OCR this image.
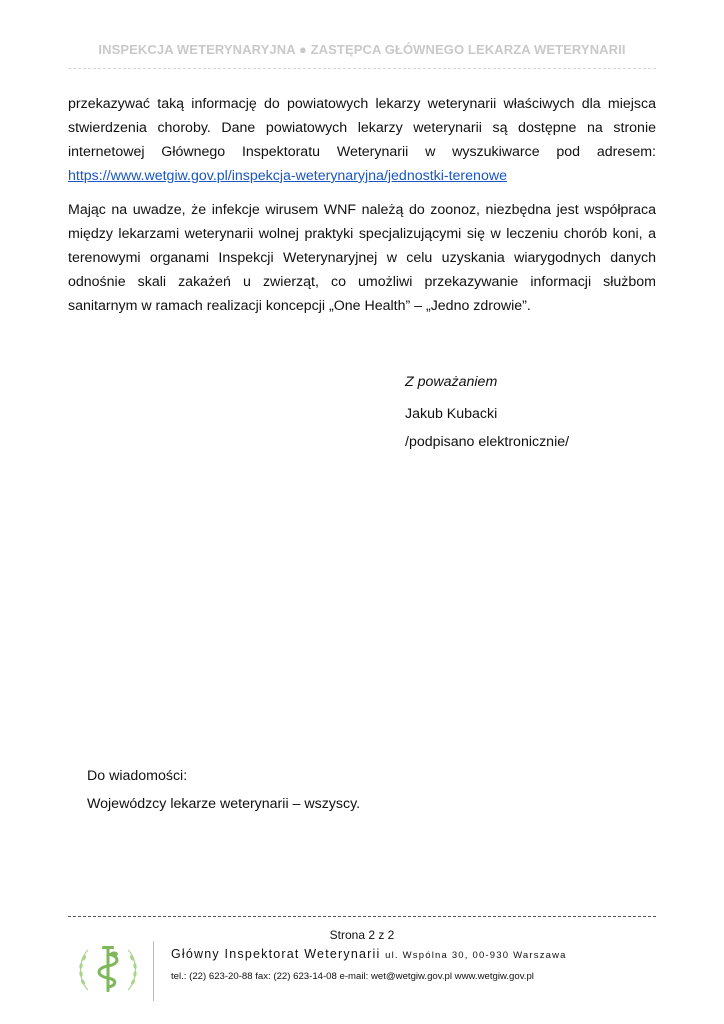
INSPEKCJA WETERYNARYJNA ● ZASTĘPCA GŁÓWNEGO LEKARZA WETERYNARII
przekazywać taką informację do powiatowych lekarzy weterynarii właściwych dla miejsca
stwierdzenia choroby. Dane powiatowych lekarzy weterynarii są dostępne na stronie
internetowej Głównego Inspektoratu Weterynarii w wyszukiwarce pod adresem:
https://www.wetgiw.gov.pl/inspekcja-weterynaryjna/jednostki-terenowe
Mając na uwadze, że infekcje wirusem WNF należą do zoonoz, niezbędna jest współpraca
między lekarzami weterynarii wolnej praktyki specjalizującymi się w leczeniu chorób koni, a
terenowymi organami Inspekcji Weterynaryjnej w celu uzyskania wiarygodnych danych
odnośnie skali zakażeń u zwierząt, co umożliwi przekazywanie informacji służbom
sanitarnym w ramach realizacji koncepcji „One Health” – „Jedno zdrowie”.
Z poważaniem
Jakub Kubacki
/podpisano elektronicznie/
Do wiadomości:
Wojewódzcy lekarze weterynarii – wszyscy.
Strona 2 z 2
Główny Inspektorat Weterynarii ul. Wspólna 30, 00-930 Warszawa
tel.: (22) 623-20-88 fax: (22) 623-14-08 e-mail: wet@wetgiw.gov.pl www.wetgiw.gov.pl
